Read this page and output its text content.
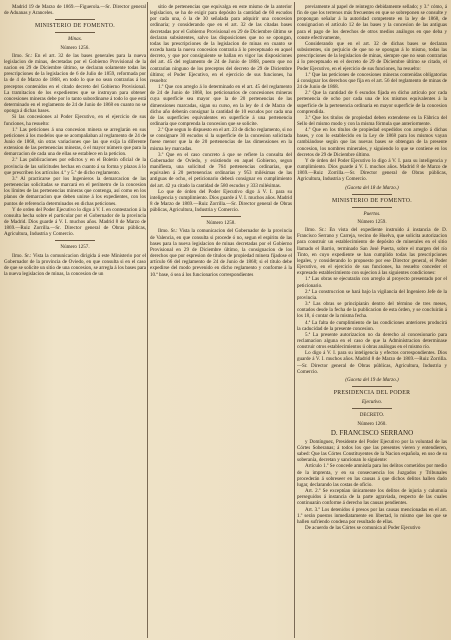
Madrid 19 de Marzo de 1869.—Figuerola.—Sr. Director general de Aduanas y Aranceles.

MINISTERIO DE FOMENTO.

Minas.

Número 1256.

Ilmo. Sr.: En el art. 32 de las bases generales para la nueva legislacion de minas, decretadas por el Gobierno Provisional de la nacion en 29 de Diciembre último, se declaran solamente todas las prescripciones de la legislacion de 6 de Julio de 1859, reformada por la de 4 de Marzo de 1868, en todo lo que no sean contrarias á los preceptos contenidos en el citado decreto del Gobierno Provisional. La tramitacion de los expedientes que se instruyan para obtener concesiones mineras debe por lo tanto subordinarse á todo lo que está determinado en el reglamento de 24 de Junio de 1868 en cuanto no se oponga á dichas bases.

Si las concesiones al Poder Ejecutivo, en el ejercicio de sus funciones, ha resuelto:

1.º Las peticiones á una concesion minera se arreglarán en sus peticiones á los modelos que se acompañaban al reglamento de 24 de Junio de 1868, sin otras variaciones que las que exija la diferente extension de las pertenencias mineras, ó el mayor número que para la demarcacion de cada una de ellas se establece en la peticion.

2.º Las publicaciones por edictos y en el Boletin oficial de la provincia de las solicitudes hechas en cuanto á su forma y plazos á lo que prescriben los artículos 4.º y 5.º de dicho reglamento.

3.º Al practicarse por los Ingenieros la demarcacion de las pertenencias solicitadas se marcará en el perímetro de la concesion los límites de las pertenencias mineras que contenga, así como en los planos de demarcacion que deben unirse á los expedientes, con los puntos de referencia determinados en dichas peticiones.

Y de orden del Poder Ejecutivo lo digo á V. I. en contestacion á la consulta hecha sobre el particular por el Gobernador de la provincia de Madrid. Dios guarde á V. I. muchos años. Madrid 8 de Marzo de 1869.—Ruiz Zorrilla.—Sr. Director general de Obras públicas, Agricultura, Industria y Comercio.

Número 1257.

Ilmo. Sr.: Vista la comunicacion dirigida á este Ministerio por el Gobernador de la provincia de Oviedo, en que consulta si en el caso de que se solicite un sitio de una concesion, se arregla á los bases para la nueva legislacion de minas, la concesion de un

sitio de pertenencias que equivalga en este mismo de la anterior legislacion, se ha de exigir para depósito la cantidad de 60 escudos por cada una, ó la de 30 señalada para adquirir una concesion ordinaria; y considerando que en el art. 32 de las citadas bases decretadas por el Gobierno Provisional en 29 de Diciembre último se declaran subsistentes, salvo las disposiciones que no se opongan, todas las prescripciones de la legislacion de minas en cuanto se exceda hasta la nueva concesion contraria á lo preceptuado en aquel decreto, y que por consiguiente se hallan en vigor las disposiciones del art. 45 del reglamento de 24 de Junio de 1868, puesto que no contrarían ninguno de los preceptos del decreto de 29 de Diciembre último; el Poder Ejecutivo, en el ejercicio de sus funciones, ha resuelto:

1.º Que con arreglo á lo determinado en el art. 45 del reglamento de 24 de Junio de 1868, los peticionarios de concesiones mineras cuya superficie sea mayor que la de 20 pertenencias de las dimensiones marcadas, sigan su curso, en la ley de 4 de Marzo de dicho año deberán consignar la cantidad de 10 escudos por cada una de las superficies equivalentes en superficie á una pertenencia ordinaria que comprenda la concesion que se solicite.

2.º Que segun lo dispuesto en el art. 23 de dicho reglamento, si no se consignare 30 escudos si la superficie de la concesion solicitada fuese menor que la de 20 pertenencias de las dimensiones en la misma ley marcadas.

3.º Que en el caso concreto á que se refiere la consulta del Gobernador de Oviedo, y existiendo en aquel Gobierno, segun manifiesta, una solicitud de 764 pertenencias ordinarias, que equivalen á 20 pertenencias ordinarias y 953 milésimas de las antiguas de ocho, el peticionario deberá consignar en cumplimiento del art. 42 ya citado la cantidad de 580 escudos y 333 milésimas.

Lo que de órden del Poder Ejecutivo digo á V. I. para su inteligencia y cumplimiento. Dios guarde á V. I. muchos años. Madrid 8 de Marzo de 1869.—Ruiz Zorrilla.—Sr. Director general de Obras públicas, Agricultura, Industria y Comercio.

Número 1258.

Ilmo. Sr.: Vista la comunicacion del Gobernador de la provincia de Valencia, en que consulta si procede ó no, segun el espíritu de las bases para la nueva legislacion de minas decretadas por el Gobierno Provisional en 29 de Diciembre último, la consignacion de los derechos que por espresion de títulos de propiedad minera fijadose el artículo 66 del reglamento de 24 de Junio de 1868; si el título debe expedirse del modo prevenido en dicho reglamento y conforme á la 10.ª base, ó sea á los funcionarios correspondientes

previamente al papel de reintegro debidamente sellado; y 3.º cómo, á fin de que los terrenos más frecuentes en que se sobreponen se consulte y propongan señalar á la autoridad competente en la ley de 1868, de consignacion el artículo 12 de las bases y la concesion de las antiguas para el pago de los derechos de otros medios análogos en que deba y conste efectivamente,

Considerando que en el art. 32 de dichas bases se declaran subsistentes, sin perjuicio de que no se opongan á lo mismo, todas las prescripciones de la legislacion de minas, siempre que no sean contrarias á lo preceptuado en el decreto de 29 de Diciembre último se citado, el Poder Ejecutivo, en el ejercicio de sus funciones, ha resuelto:

1.º Que las peticiones de concesiones mineras contenidas obligatorias á consignar los derechos que fija en el art. 56 del reglamento de minas de 24 de Junio de 1868.

2.º Que la cantidad de 6 escudos fijada en dicho artículo por cada pertenencia de ocho por cada una de los mismos equivalentes á la superficie de la pertenencia ordinaria en mayor superficie de la concesion comprendida.

3.º Que los títulos de propiedad deben extenderse en la Fábrica del Sello del mismo modo y con la misma fórmula que anteriormente.

4.º Que en los títulos de propiedad expedidos con arreglo á dichas bases, y con lo establecido en la Ley de 1868 para los mismos vayan cambiándose según que las nuevas bases se obtengan de la presente concesion, los nombres minerales, y siguiendo lo que se contiene en los decretos de 29 de Diciembre último.

Y de órden del Poder Ejecutivo lo digo á V. I. para su inteligencia y cumplimiento. Dios guarde á V. I. muchos años. Madrid 8 de Marzo de 1869.—Ruiz Zorrilla.—Sr. Director general de Obras públicas, Agricultura, Industria y Comercio.

(Gaceta del 18 de Marzo.)

MINISTERIO DE FOMENTO.

Puertos.

Número 1259.

Ilmo. Sr.: En vista del expediente instruido á instancia de D. Francisco Serrano y Carreja, vecino de Huelva, que solicita autorizacion para construir un establecimiento de depósito de minerales en el sitio llamado el Barrio, terminado San José Puerta, sobre el margen del río Tinto, en cuyo expediente se han cumplido todas las prescripciones legales, y considerando lo propuesto por ese Director general, el Poder Ejecutivo, en el ejercicio de sus funciones, ha resuelto conceder el expresado establecimiento con sujecion á las siguientes condiciones:

1.ª Las obras se ejecutarán con arreglo al proyecto presentado por el peticionario.

2.ª La construccion se hará bajo la vigilancia del Ingeniero Jefe de la provincia.

3.ª Las obras se principiarán dentro del término de tres meses, contados desde la fecha de la publicacion de esta órden, y se concluirán á los 18, ó contar de la misma fecha.

4.ª La falta de cumplimiento de las condiciones anteriores producirá la caducidad de la presente concesion.

5.ª La presente autorizacion no da derecho al concesionario para reclamacion alguna en el caso de que la Administracion determinase construir otros establecimientos ú obras análogas en el mismo río.

Lo digo á V. I. para su inteligencia y efectos correspondientes. Dios guarde á V. I. muchos años. Madrid 8 de Marzo de 1869.—Ruiz Zorrilla.—Sr. Director general de Obras públicas, Agricultura, Industria y Comercio.

(Gaceta del 19 de Marzo.)

PRESIDENCIA DEL PODER

Ejecutivo.

DECRETO.

Número 1260.

D. FRANCISCO SERRANO

y Domínguez, Presidente del Poder Ejecutivo por la voluntad de las Córtes Soberanas; á todos los que las presentes vieren y entendieren, sabed: Que las Córtes Constituyentes de la Nacion española, en uso de su soberanía, decretan y sancionan lo siguiente:

Artículo 1.º Se concede amnistía para los delitos cometidos por medio de la imprenta, y en su consecuencia los Juzgados y Tribunales procederán á sobreseer en las causas á que dichos delitos hallen dado lugar, declarando las costas de oficio.

Art. 2.º Se exceptúan únicamente los delitos de injuria y calumnia perseguidos á instancia de la parte agraviada, respecto de las cuales continuarán conforme á derecho las causas pendientes.

Art. 3.º Los detenidos ó presos por las causas mencionadas en el art. 1.º serán puestos inmediatamente en libertad, lo mismo que los que se hallen sufriendo condena por resultado de ellas.

De acuerdo de las Córtes se comunica al Poder Ejecutivo
